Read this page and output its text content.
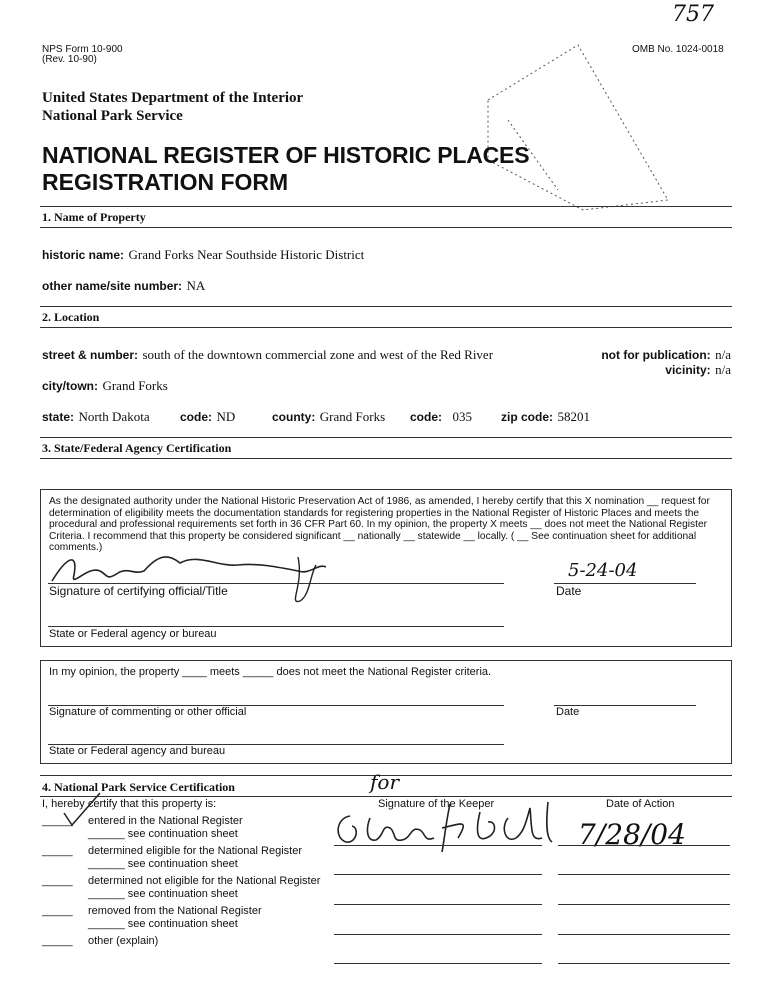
757
NPS Form 10-900
(Rev. 10-90)
OMB No. 1024-0018
United States Department of the Interior
National Park Service
NATIONAL REGISTER OF HISTORIC PLACES
REGISTRATION FORM
1. Name of Property
historic name: Grand Forks Near Southside Historic District
other name/site number: NA
2. Location
street & number: south of the downtown commercial zone and west of the Red River	not for publication: n/a
vicinity: n/a
city/town: Grand Forks
state: North Dakota	code: ND	county: Grand Forks code: 035 zip code: 58201
3. State/Federal Agency Certification
As the designated authority under the National Historic Preservation Act of 1986, as amended, I hereby certify that this X nomination __ request for determination of eligibility meets the documentation standards for registering properties in the National Register of Historic Places and meets the procedural and professional requirements set forth in 36 CFR Part 60. In my opinion, the property X meets __ does not meet the National Register Criteria. I recommend that this property be considered significant __ nationally __ statewide __ locally. ( __ See continuation sheet for additional comments.)
Signature of certifying official/Title
5-24-04
Date
State or Federal agency or bureau
In my opinion, the property ____ meets _____ does not meet the National Register criteria.
Signature of commenting or other official	Date
State or Federal agency and bureau
4. National Park Service Certification
I, hereby certify that this property is:
for
Signature of the Keeper	Date of Action
7/28/04
_____ entered in the National Register
______ see continuation sheet
_____ determined eligible for the National Register
______ see continuation sheet
_____ determined not eligible for the National Register
______ see continuation sheet
_____ removed from the National Register
______ see continuation sheet
_____ other (explain)
